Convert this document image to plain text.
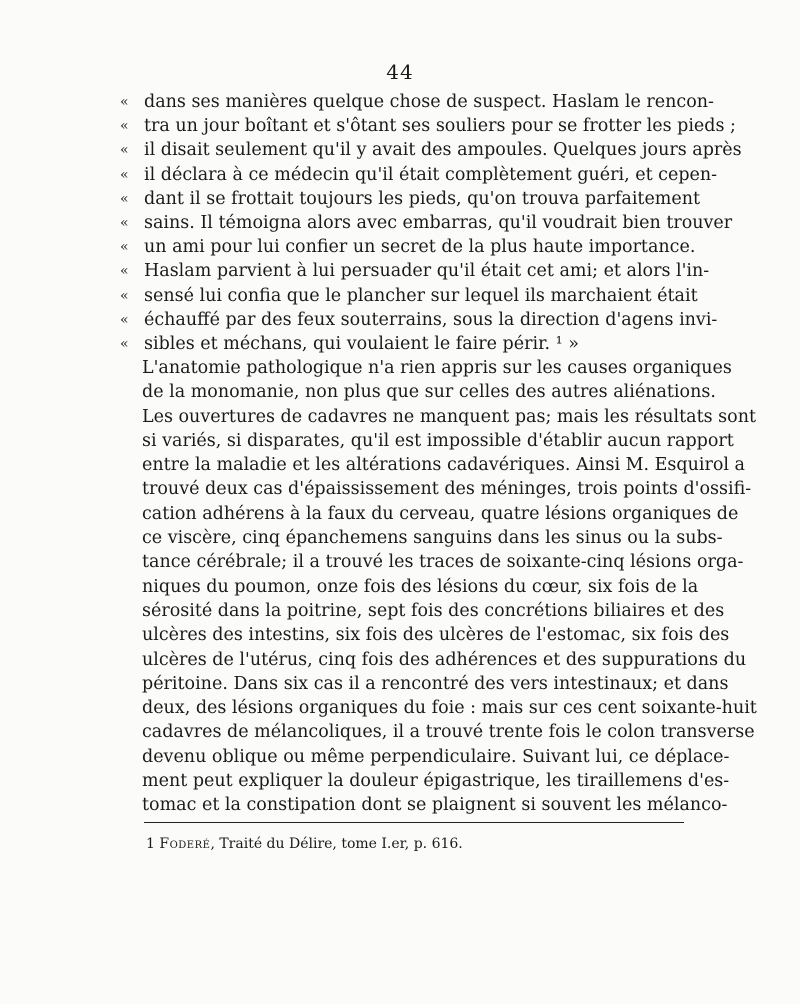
44
« dans ses manières quelque chose de suspect. Haslam le rencon-
« tra un jour boîtant et s'ôtant ses souliers pour se frotter les pieds ;
« il disait seulement qu'il y avait des ampoules. Quelques jours après
« il déclara à ce médecin qu'il était complètement guéri, et cepen-
« dant il se frottait toujours les pieds, qu'on trouva parfaitement
« sains. Il témoigna alors avec embarras, qu'il voudrait bien trouver
« un ami pour lui confier un secret de la plus haute importance.
« Haslam parvient à lui persuader qu'il était cet ami; et alors l'in-
« sensé lui confia que le plancher sur lequel ils marchaient était
« échauffé par des feux souterrains, sous la direction d'agens invi-
« sibles et méchans, qui voulaient le faire périr. ¹ »
L'anatomie pathologique n'a rien appris sur les causes organiques
de la monomanie, non plus que sur celles des autres aliénations.
Les ouvertures de cadavres ne manquent pas; mais les résultats sont
si variés, si disparates, qu'il est impossible d'établir aucun rapport
entre la maladie et les altérations cadavériques. Ainsi M. Esquirol a
trouvé deux cas d'épaississement des méninges, trois points d'ossifi-
cation adhérens à la faux du cerveau, quatre lésions organiques de
ce viscère, cinq épanchemens sanguins dans les sinus ou la subs-
tance cérébrale; il a trouvé les traces de soixante-cinq lésions orga-
niques du poumon, onze fois des lésions du cœur, six fois de la
sérosité dans la poitrine, sept fois des concrétions biliaires et des
ulcères des intestins, six fois des ulcères de l'estomac, six fois des
ulcères de l'utérus, cinq fois des adhérences et des suppurations du
péritoine. Dans six cas il a rencontré des vers intestinaux; et dans
deux, des lésions organiques du foie : mais sur ces cent soixante-huit
cadavres de mélancoliques, il a trouvé trente fois le colon transverse
devenu oblique ou même perpendiculaire. Suivant lui, ce déplace-
ment peut expliquer la douleur épigastrique, les tiraillemens d'es-
tomac et la constipation dont se plaignent si souvent les mélanco-
1 Foderé, Traité du Délire, tome I.er, p. 616.
